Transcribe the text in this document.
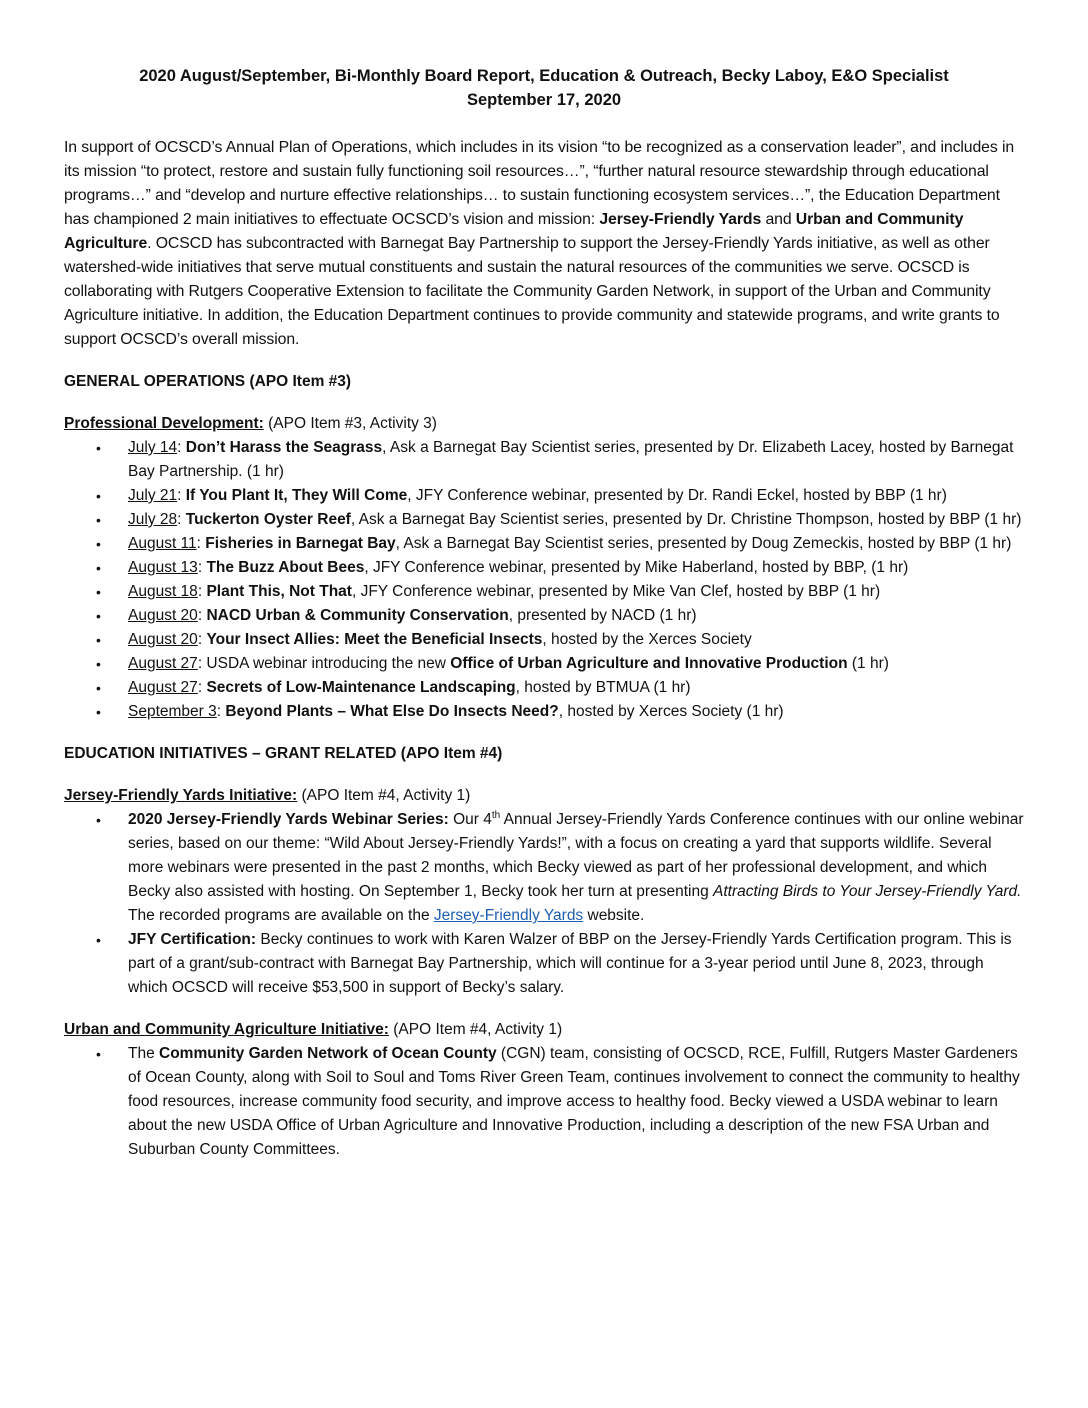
2020 August/September, Bi-Monthly Board Report, Education & Outreach, Becky Laboy, E&O Specialist
September 17, 2020

In support of OCSCD’s Annual Plan of Operations, which includes in its vision “to be recognized as a conservation leader”, and includes in its mission “to protect, restore and sustain fully functioning soil resources…”, “further natural resource stewardship through educational programs…” and “develop and nurture effective relationships… to sustain functioning ecosystem services…”, the Education Department has championed 2 main initiatives to effectuate OCSCD’s vision and mission: Jersey-Friendly Yards and Urban and Community Agriculture. OCSCD has subcontracted with Barnegat Bay Partnership to support the Jersey-Friendly Yards initiative, as well as other watershed-wide initiatives that serve mutual constituents and sustain the natural resources of the communities we serve. OCSCD is collaborating with Rutgers Cooperative Extension to facilitate the Community Garden Network, in support of the Urban and Community Agriculture initiative. In addition, the Education Department continues to provide community and statewide programs, and write grants to support OCSCD’s overall mission.

GENERAL OPERATIONS (APO Item #3)

Professional Development: (APO Item #3, Activity 3)

• July 14: Don’t Harass the Seagrass, Ask a Barnegat Bay Scientist series, presented by Dr. Elizabeth Lacey, hosted by Barnegat Bay Partnership. (1 hr)
• July 21: If You Plant It, They Will Come, JFY Conference webinar, presented by Dr. Randi Eckel, hosted by BBP (1 hr)
• July 28: Tuckerton Oyster Reef, Ask a Barnegat Bay Scientist series, presented by Dr. Christine Thompson, hosted by BBP (1 hr)
• August 11: Fisheries in Barnegat Bay, Ask a Barnegat Bay Scientist series, presented by Doug Zemeckis, hosted by BBP (1 hr)
• August 13: The Buzz About Bees, JFY Conference webinar, presented by Mike Haberland, hosted by BBP, (1 hr)
• August 18: Plant This, Not That, JFY Conference webinar, presented by Mike Van Clef, hosted by BBP (1 hr)
• August 20: NACD Urban & Community Conservation, presented by NACD (1 hr)
• August 20: Your Insect Allies: Meet the Beneficial Insects, hosted by the Xerces Society
• August 27: USDA webinar introducing the new Office of Urban Agriculture and Innovative Production (1 hr)
• August 27: Secrets of Low-Maintenance Landscaping, hosted by BTMUA (1 hr)
• September 3: Beyond Plants – What Else Do Insects Need?, hosted by Xerces Society (1 hr)

EDUCATION INITIATIVES – GRANT RELATED (APO Item #4)

Jersey-Friendly Yards Initiative: (APO Item #4, Activity 1)

• 2020 Jersey-Friendly Yards Webinar Series: Our 4th Annual Jersey-Friendly Yards Conference continues with our online webinar series, based on our theme: “Wild About Jersey-Friendly Yards!”, with a focus on creating a yard that supports wildlife. Several more webinars were presented in the past 2 months, which Becky viewed as part of her professional development, and which Becky also assisted with hosting. On September 1, Becky took her turn at presenting Attracting Birds to Your Jersey-Friendly Yard. The recorded programs are available on the Jersey-Friendly Yards website.
• JFY Certification: Becky continues to work with Karen Walzer of BBP on the Jersey-Friendly Yards Certification program. This is part of a grant/sub-contract with Barnegat Bay Partnership, which will continue for a 3-year period until June 8, 2023, through which OCSCD will receive $53,500 in support of Becky’s salary.

Urban and Community Agriculture Initiative: (APO Item #4, Activity 1)

• The Community Garden Network of Ocean County (CGN) team, consisting of OCSCD, RCE, Fulfill, Rutgers Master Gardeners of Ocean County, along with Soil to Soul and Toms River Green Team, continues involvement to connect the community to healthy food resources, increase community food security, and improve access to healthy food. Becky viewed a USDA webinar to learn about the new USDA Office of Urban Agriculture and Innovative Production, including a description of the new FSA Urban and Suburban County Committees.
